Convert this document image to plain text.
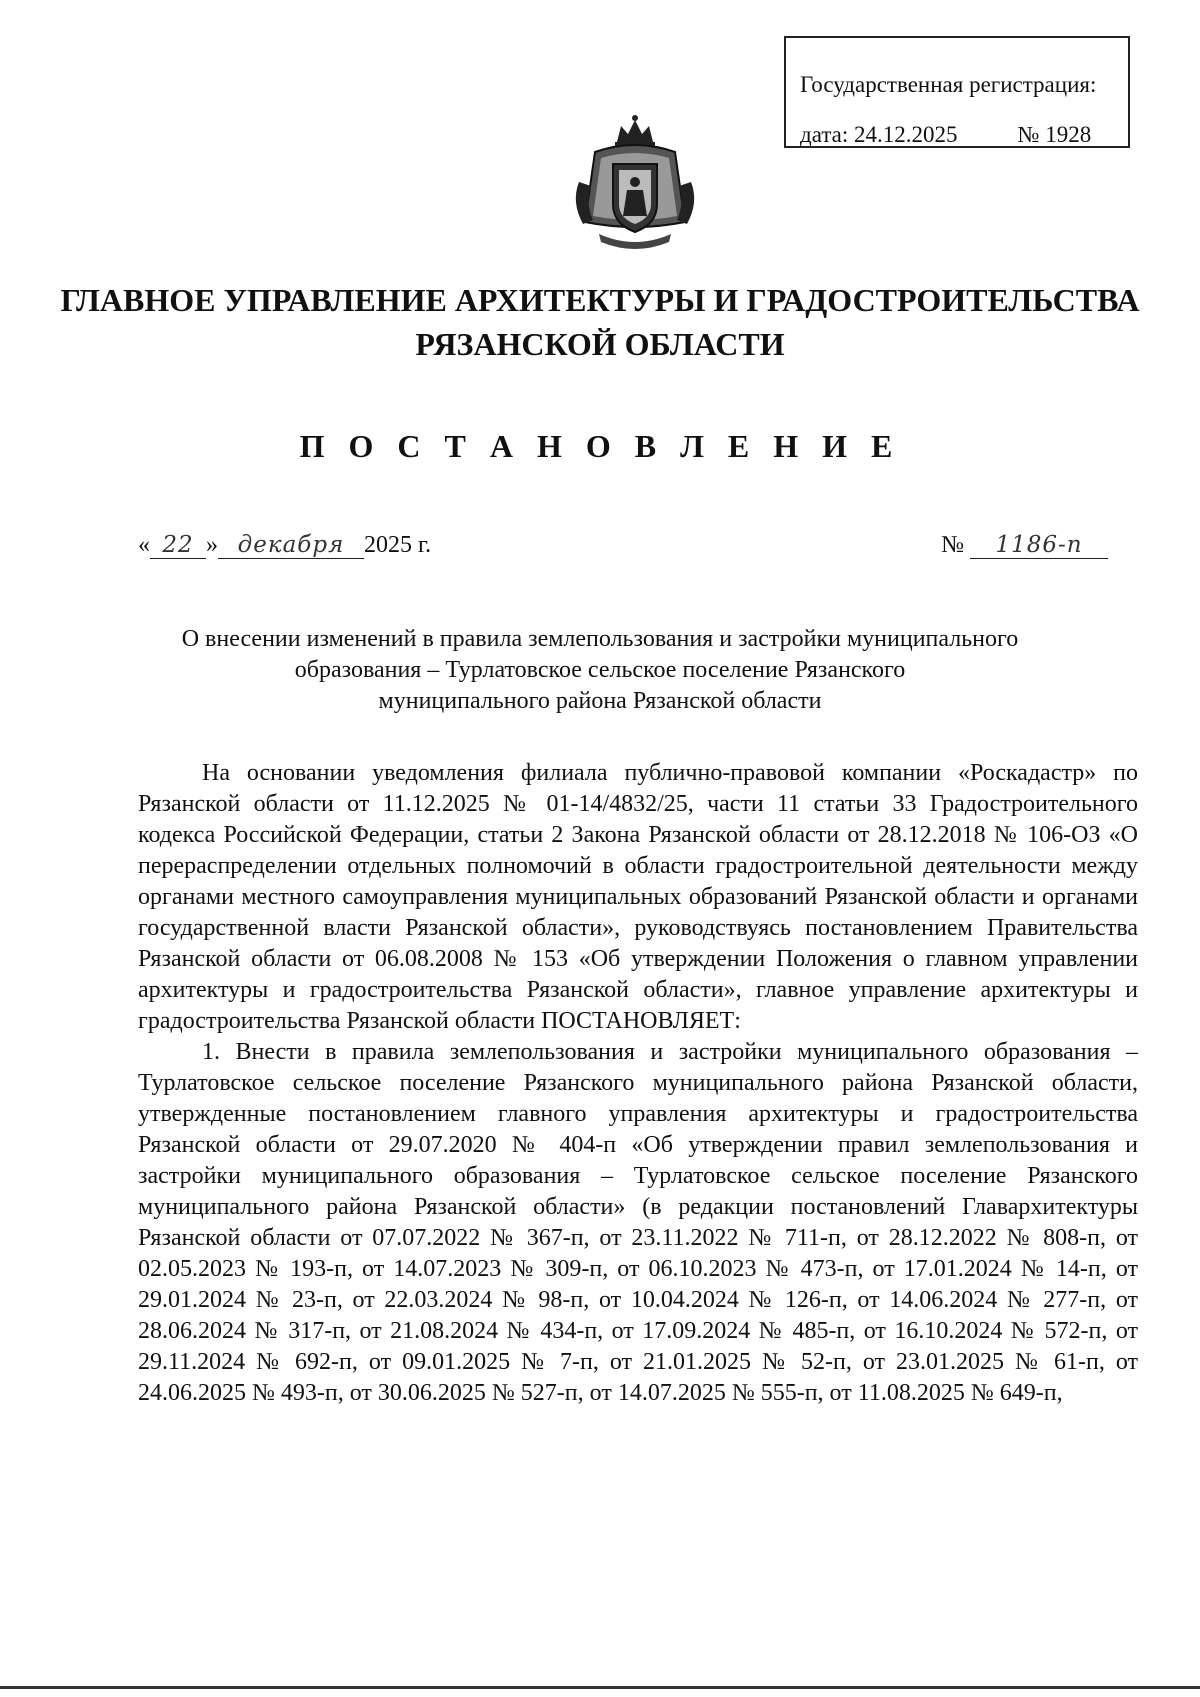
Государственная регистрация:
дата: 24.12.2025	№ 1928
ГЛАВНОЕ УПРАВЛЕНИЕ АРХИТЕКТУРЫ И ГРАДОСТРОИТЕЛЬСТВА
РЯЗАНСКОЙ ОБЛАСТИ
П О С Т А Н О В Л Е Н И Е
« 22 » декабря 2025 г.	№	1186-п
О внесении изменений в правила землепользования и застройки муниципального
образования – Турлатовское сельское поселение Рязанского
муниципального района Рязанской области

На основании уведомления филиала публично-правовой компании «Роскадастр» по Рязанской области от 11.12.2025 № 01-14/4832/25, части 11 статьи 33 Градостроительного кодекса Российской Федерации, статьи 2 Закона Рязанской области от 28.12.2018 № 106-ОЗ «О перераспределении отдельных полномочий в области градостроительной деятельности между органами местного самоуправления муниципальных образований Рязанской области и органами государственной власти Рязанской области», руководствуясь постановлением Правительства Рязанской области от 06.08.2008 № 153 «Об утверждении Положения о главном управлении архитектуры и градостроительства Рязанской области», главное управление архитектуры и градостроительства Рязанской области ПОСТАНОВЛЯЕТ:

1. Внести в правила землепользования и застройки муниципального образования – Турлатовское сельское поселение Рязанского муниципального района Рязанской области, утвержденные постановлением главного управления архитектуры и градостроительства Рязанской области от 29.07.2020 № 404-п «Об утверждении правил землепользования и застройки муниципального образования – Турлатовское сельское поселение Рязанского муниципального района Рязанской области» (в редакции постановлений Главархитектуры Рязанской области от 07.07.2022 № 367-п, от 23.11.2022 № 711-п, от 28.12.2022 № 808-п, от 02.05.2023 № 193-п, от 14.07.2023 № 309-п, от 06.10.2023 № 473-п, от 17.01.2024 № 14-п, от 29.01.2024 № 23-п, от 22.03.2024 № 98-п, от 10.04.2024 № 126-п, от 14.06.2024 № 277-п, от 28.06.2024 № 317-п, от 21.08.2024 № 434-п, от 17.09.2024 № 485-п, от 16.10.2024 № 572-п, от 29.11.2024 № 692-п, от 09.01.2025 № 7-п, от 21.01.2025 № 52-п, от 23.01.2025 № 61-п, от 24.06.2025 № 493-п, от 30.06.2025 № 527-п, от 14.07.2025 № 555-п, от 11.08.2025 № 649-п,
